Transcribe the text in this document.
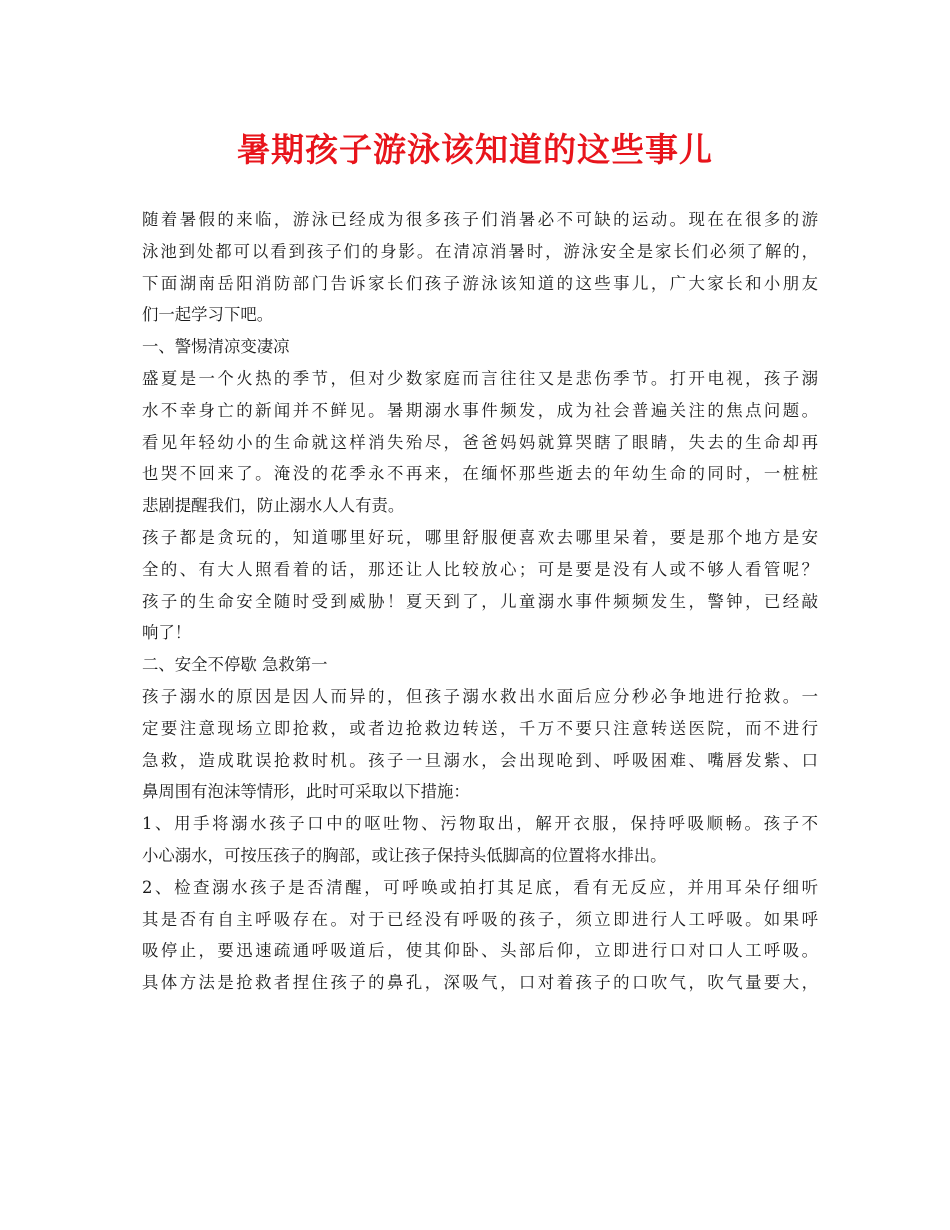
暑期孩子游泳该知道的这些事儿
随着暑假的来临，游泳已经成为很多孩子们消暑必不可缺的运动。现在在很多的游
泳池到处都可以看到孩子们的身影。在清凉消暑时，游泳安全是家长们必须了解的，
下面湖南岳阳消防部门告诉家长们孩子游泳该知道的这些事儿，广大家长和小朋友
们一起学习下吧。
一、警惕清凉变凄凉
盛夏是一个火热的季节，但对少数家庭而言往往又是悲伤季节。打开电视，孩子溺
水不幸身亡的新闻并不鲜见。暑期溺水事件频发，成为社会普遍关注的焦点问题。
看见年轻幼小的生命就这样消失殆尽，爸爸妈妈就算哭瞎了眼睛，失去的生命却再
也哭不回来了。淹没的花季永不再来，在缅怀那些逝去的年幼生命的同时，一桩桩
悲剧提醒我们，防止溺水人人有责。
孩子都是贪玩的，知道哪里好玩，哪里舒服便喜欢去哪里呆着，要是那个地方是安
全的、有大人照看着的话，那还让人比较放心；可是要是没有人或不够人看管呢？
孩子的生命安全随时受到威胁！夏天到了，儿童溺水事件频频发生，警钟，已经敲
响了！
二、安全不停歇 急救第一
孩子溺水的原因是因人而异的，但孩子溺水救出水面后应分秒必争地进行抢救。一
定要注意现场立即抢救，或者边抢救边转送，千万不要只注意转送医院，而不进行
急救，造成耽误抢救时机。孩子一旦溺水，会出现呛到、呼吸困难、嘴唇发紫、口
鼻周围有泡沫等情形，此时可采取以下措施：
1、用手将溺水孩子口中的呕吐物、污物取出，解开衣服，保持呼吸顺畅。孩子不
小心溺水，可按压孩子的胸部，或让孩子保持头低脚高的位置将水排出。
2、检查溺水孩子是否清醒，可呼唤或拍打其足底，看有无反应，并用耳朵仔细听
其是否有自主呼吸存在。对于已经没有呼吸的孩子，须立即进行人工呼吸。如果呼
吸停止，要迅速疏通呼吸道后，使其仰卧、头部后仰，立即进行口对口人工呼吸。
具体方法是抢救者捏住孩子的鼻孔，深吸气，口对着孩子的口吹气，吹气量要大，
